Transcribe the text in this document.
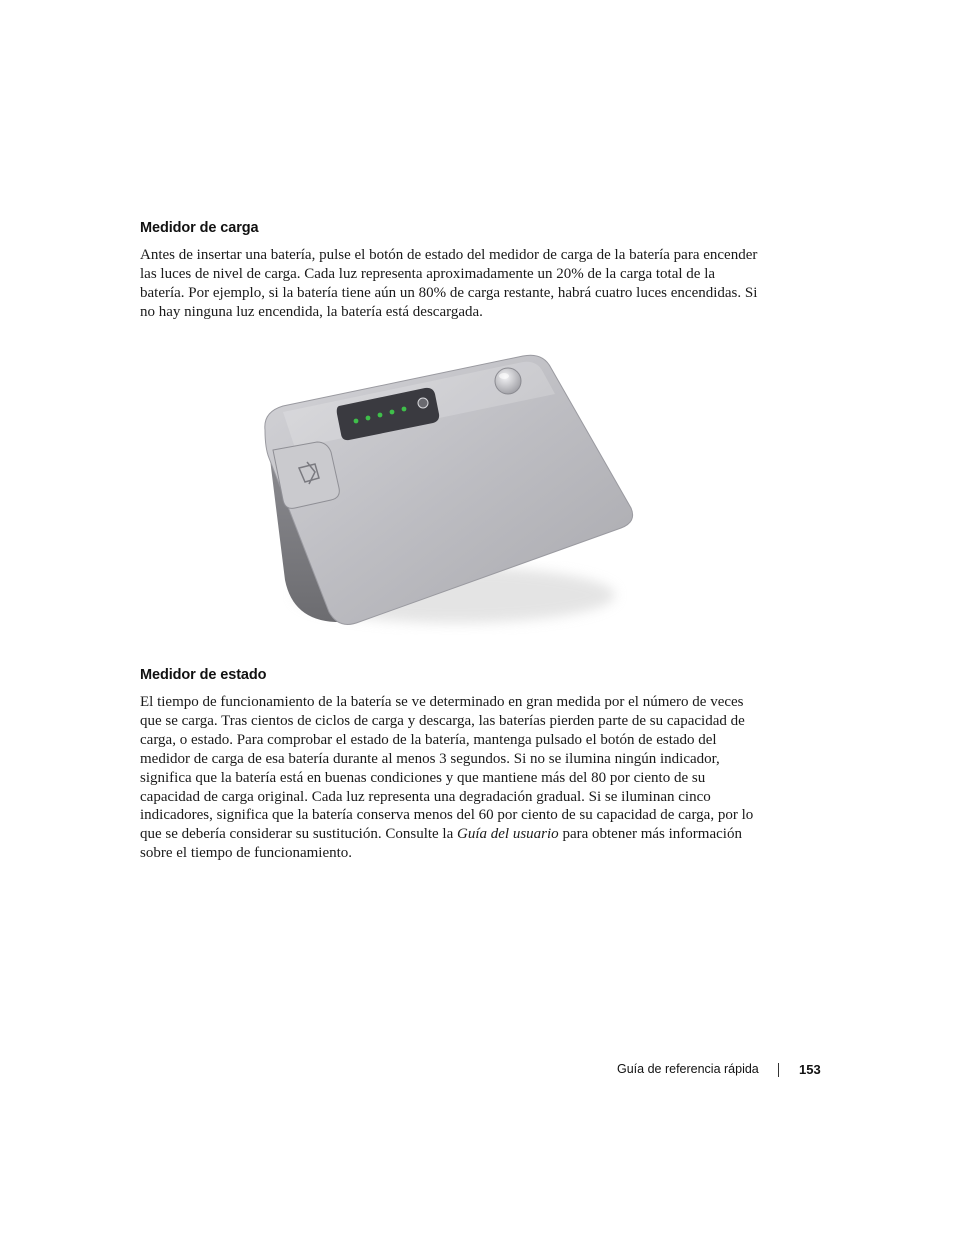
Medidor de carga

Antes de insertar una batería, pulse el botón de estado del medidor de carga de la batería para encender las luces de nivel de carga. Cada luz representa aproximadamente un 20% de la carga total de la batería. Por ejemplo, si la batería tiene aún un 80% de carga restante, habrá cuatro luces encendidas. Si no hay ninguna luz encendida, la batería está descargada.

Medidor de estado

El tiempo de funcionamiento de la batería se ve determinado en gran medida por el número de veces que se carga. Tras cientos de ciclos de carga y descarga, las baterías pierden parte de su capacidad de carga, o estado. Para comprobar el estado de la batería, mantenga pulsado el botón de estado del medidor de carga de esa batería durante al menos 3 segundos. Si no se ilumina ningún indicador, significa que la batería está en buenas condiciones y que mantiene más del 80 por ciento de su capacidad de carga original. Cada luz representa una degradación gradual. Si se iluminan cinco indicadores, significa que la batería conserva menos del 60 por ciento de su capacidad de carga, por lo que se debería considerar su sustitución. Consulte la Guía del usuario para obtener más información sobre el tiempo de funcionamiento.

Guía de referencia rápida	153
